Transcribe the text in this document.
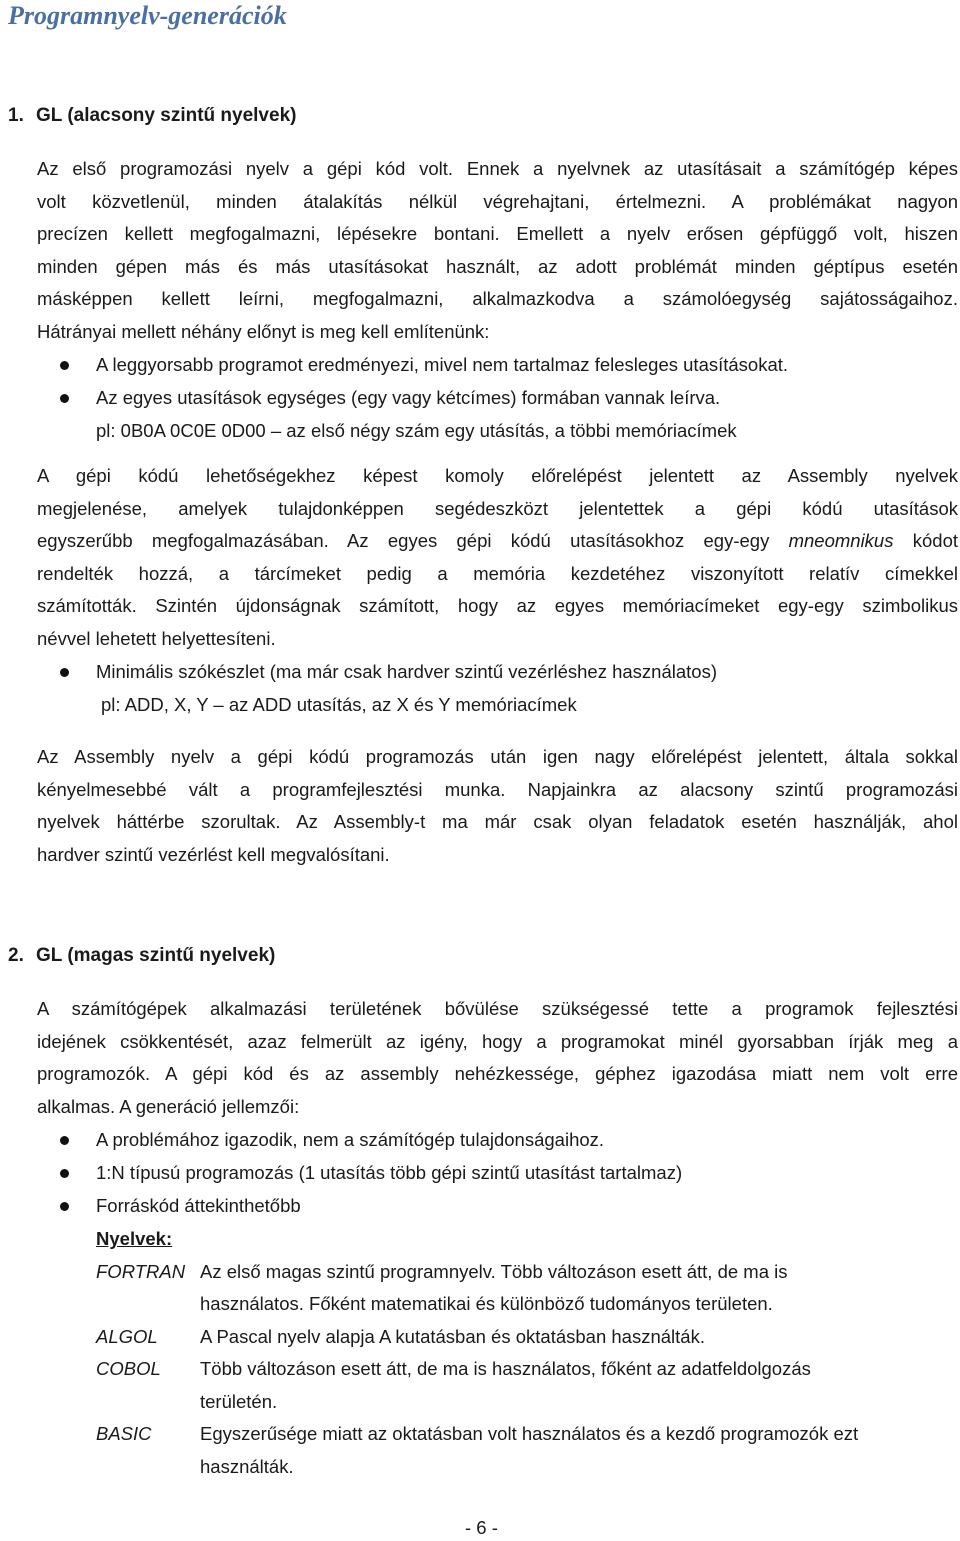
Programnyelv-generációk
1. GL (alacsony szintű nyelvek)
Az első programozási nyelv a gépi kód volt. Ennek a nyelvnek az utasításait a számítógép képes
volt közvetlenül, minden átalakítás nélkül végrehajtani, értelmezni. A problémákat nagyon
precízen kellett megfogalmazni, lépésekre bontani. Emellett a nyelv erősen gépfüggő volt, hiszen
minden gépen más és más utasításokat használt, az adott problémát minden géptípus esetén
másképpen kellett leírni, megfogalmazni, alkalmazkodva a számolóegység sajátosságaihoz.
Hátrányai mellett néhány előnyt is meg kell említenünk:
A leggyorsabb programot eredményezi, mivel nem tartalmaz felesleges utasításokat.
Az egyes utasítások egységes (egy vagy kétcímes) formában vannak leírva.
pl: 0B0A 0C0E 0D00 – az első négy szám egy utásítás, a többi memóriacímek
A gépi kódú lehetőségekhez képest komoly előrelépést jelentett az Assembly nyelvek
megjelenése, amelyek tulajdonképpen segédeszközt jelentettek a gépi kódú utasítások
egyszerűbb megfogalmazásában. Az egyes gépi kódú utasításokhoz egy-egy mneomnikus kódot
rendelték hozzá, a tárcímeket pedig a memória kezdetéhez viszonyított relatív címekkel
számították. Szintén újdonságnak számított, hogy az egyes memóriacímeket egy-egy szimbolikus
névvel lehetett helyettesíteni.
Minimális szókészlet (ma már csak hardver szintű vezérléshez használatos)
pl: ADD, X, Y – az ADD utasítás, az X és Y memóriacímek
Az Assembly nyelv a gépi kódú programozás után igen nagy előrelépést jelentett, általa sokkal
kényelmesebbé vált a programfejlesztési munka. Napjainkra az alacsony szintű programozási
nyelvek háttérbe szorultak. Az Assembly-t ma már csak olyan feladatok esetén használják, ahol
hardver szintű vezérlést kell megvalósítani.
2. GL (magas szintű nyelvek)
A számítógépek alkalmazási területének bővülése szükségessé tette a programok fejlesztési
idejének csökkentését, azaz felmerült az igény, hogy a programokat minél gyorsabban írják meg a
programozók. A gépi kód és az assembly nehézkessége, géphez igazodása miatt nem volt erre
alkalmas. A generáció jellemzői:
A problémához igazodik, nem a számítógép tulajdonságaihoz.
1:N típusú programozás (1 utasítás több gépi szintű utasítást tartalmaz)
Forráskód áttekinthetőbb
Nyelvek:
FORTRAN Az első magas szintű programnyelv. Több változáson esett átt, de ma is
használatos. Főként matematikai és különböző tudományos területen.
ALGOL A Pascal nyelv alapja A kutatásban és oktatásban használták.
COBOL Több változáson esett átt, de ma is használatos, főként az adatfeldolgozás
területén.
BASIC	Egyszerűsége miatt az oktatásban volt használatos és a kezdő programozók ezt
használták.
- 6 -
